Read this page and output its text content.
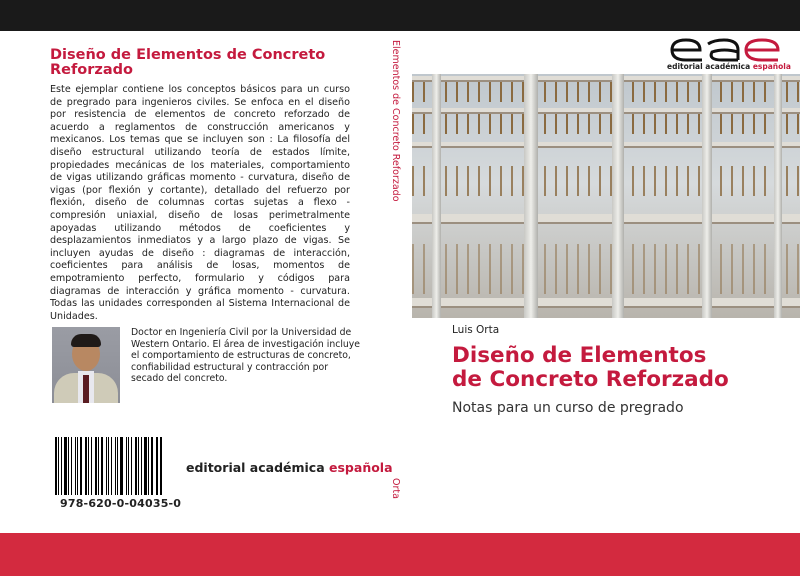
Diseño de Elementos de Concreto Reforzado
Este ejemplar contiene los conceptos básicos para un curso de pregrado para ingenieros civiles. Se enfoca en el diseño por resistencia de elementos de concreto reforzado de acuerdo a reglamentos de construcción americanos y mexicanos. Los temas que se incluyen son : La filosofía del diseño estructural utilizando teoría de estados límite, propiedades mecánicas de los materiales, comportamiento de vigas utilizando gráficas momento - curvatura, diseño de vigas (por flexión y cortante), detallado del refuerzo por flexión, diseño de columnas cortas sujetas a flexo - compresión uniaxial, diseño de losas perimetralmente apoyadas utilizando métodos de coeficientes y desplazamientos inmediatos y a largo plazo de vigas. Se incluyen ayudas de diseño : diagramas de interacción, coeficientes para análisis de losas, momentos de empotramiento perfecto, formulario y códigos para diagramas de interacción y gráfica momento - curvatura. Todas las unidades corresponden al Sistema Internacional de Unidades.
Doctor en Ingeniería Civil por la Universidad de Western Ontario. El área de investigación incluye el comportamiento de estructuras de concreto, confiabilidad estructural y contracción por secado del concreto.
978-620-0-04035-0
editorial académica española
Elementos de Concreto Reforzado
Orta
editorial académica española
Luis Orta
Diseño de Elementos
de Concreto Reforzado
Notas para un curso de pregrado
